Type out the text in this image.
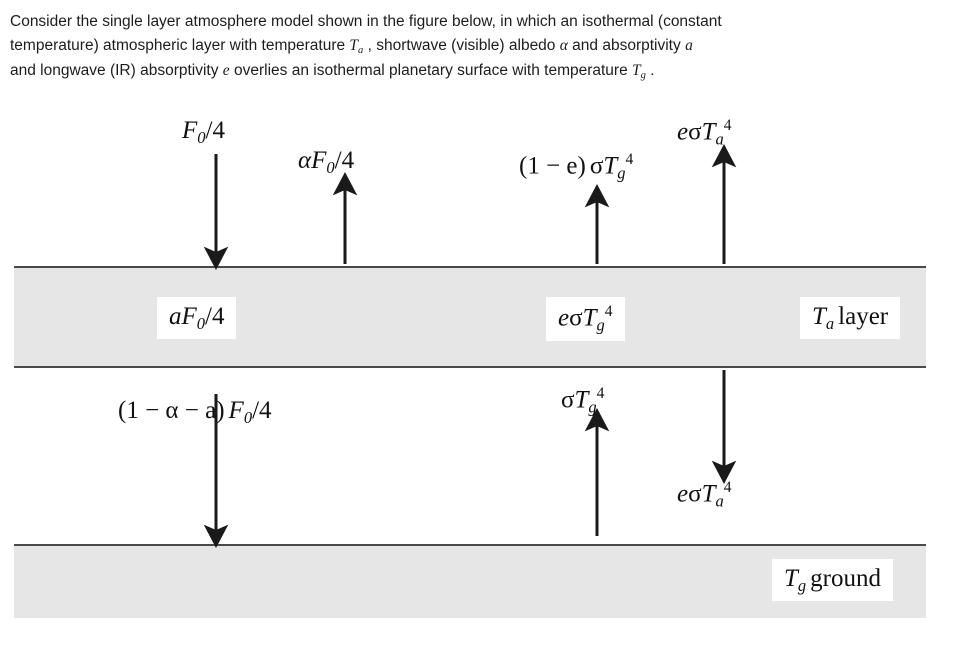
Consider the single layer atmosphere model shown in the figure below, in which an isothermal (constant
temperature) atmospheric layer with temperature $T_a$ , shortwave (visible) albedo α and absorptivity a
and longwave (IR) absorptivity e overlies an isothermal planetary surface with temperature $T_g$ .
F0/4
αF0/4	(1 − e) σTg$^4$
eσTa$^4$
aF0/4	eσTg$^4$	Ta layer
(1 − α − a) F0/4	σTg$^4$
eσTa$^4$
Tg ground
